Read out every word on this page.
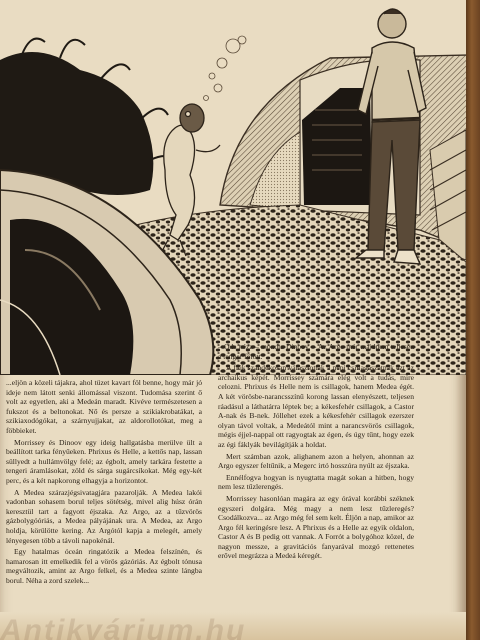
...eljön a közeli tájakra, ahol tüzet kavart föl benne, hogy már jó ideje nem látott senki állomással viszont. Tudomása szerint ő volt az egyetlen, aki a Medeán maradt. Kivéve természetesen a fukszot és a beltonokat. Nő és persze a szikiakrobatákat, a szikiaxodógókat, a szárnyujjakat, az aldorollotókat, meg a föbbieket.

Morrissey és Dinoov egy ideig hallgatásba merülve ült a beállított tarka fényűeken. Phrixus és Helle, a kettős nap, lassan süllyedt a hullámvölgy felé; az égbolt, amely tarkára festette a tengeri áramlásokat, zöld és sárga sugárcsíkokat. Még egy-két perc, és a két napkorong elhagyja a horizontot.

A Medea szárazjégsivatagjára pazarolják. A Medea lakói vadonban sohasem borul teljes sötétség, mivel alig húsz órán keresztül tart a fagyott éjszaka. Az Argo, az a tűzvörös gázbolygóóriás, a Medea pályájának ura. A Medea, az Argo holdja, körülötte kering. Az Argótól kapja a melegét, amely lényegesen több a távoli napokénál.

Egy hatalmas óceán ringatózik a Medea felszínén, és hamarosan itt emelkedik fel a vörös gázóriás. Az égbolt tónusa megváltozik, amint az Argo felkel, és a Medea szinte lángba borul. Néha a zord szelek...

– Oda nézz – mondta Dinoov. – Az Argo már majdnem teljesen a tenger fölött.

A fiúk szándékosan választották a népi csillagászatnak ezt az archaikus képét. Morrissey számára elég volt a tudás, mire celozni. Phrixus és Helle nem is csillagok, hanem Medea égét. A két vörösbe-narancsszínű korong lassan elenyészett, teljesen ráadásul a láthatárra léptek be; a kékesfehér csillagok, a Castor A-nak és B-nek. Jóllehet ezek a kékesfehér csillagok ezerszer olyan távol voltak, a Medeától mint a narancsvörös csillagok, mégis éjjel-nappal ott ragyogtak az égen, és úgy tűnt, hogy ezek az égi fáklyák bevilágítják a holdat.

Mert számban azok, alighanem azon a helyen, ahonnan az Argo egyszer feltűnik, a Megerc irtó hosszúra nyúlt az éjszaka.

Ennélfogva hogyan is nyugtatta magát sokan a hitben, hogy nem lesz tűzlerengés.

Morrissey hasonlóan magára az egy órával korábbi széknek egyszeri dolgára. Még magy a nem lesz tűzleregés? Csodálkozva... az Argo még fel sem kelt. Éljön a nap, amikor az Argo fél keringésre lesz. A Phrixus és a Helle az egyik oldalon, Castor A és B pedig ott vannak. A Forrót a bolygóhoz közel, de nagyon messze, a gravitációs fanyarával mozgó rettenetes erővel megrázza a Medeá kéregét.

Antikvárium.hu
